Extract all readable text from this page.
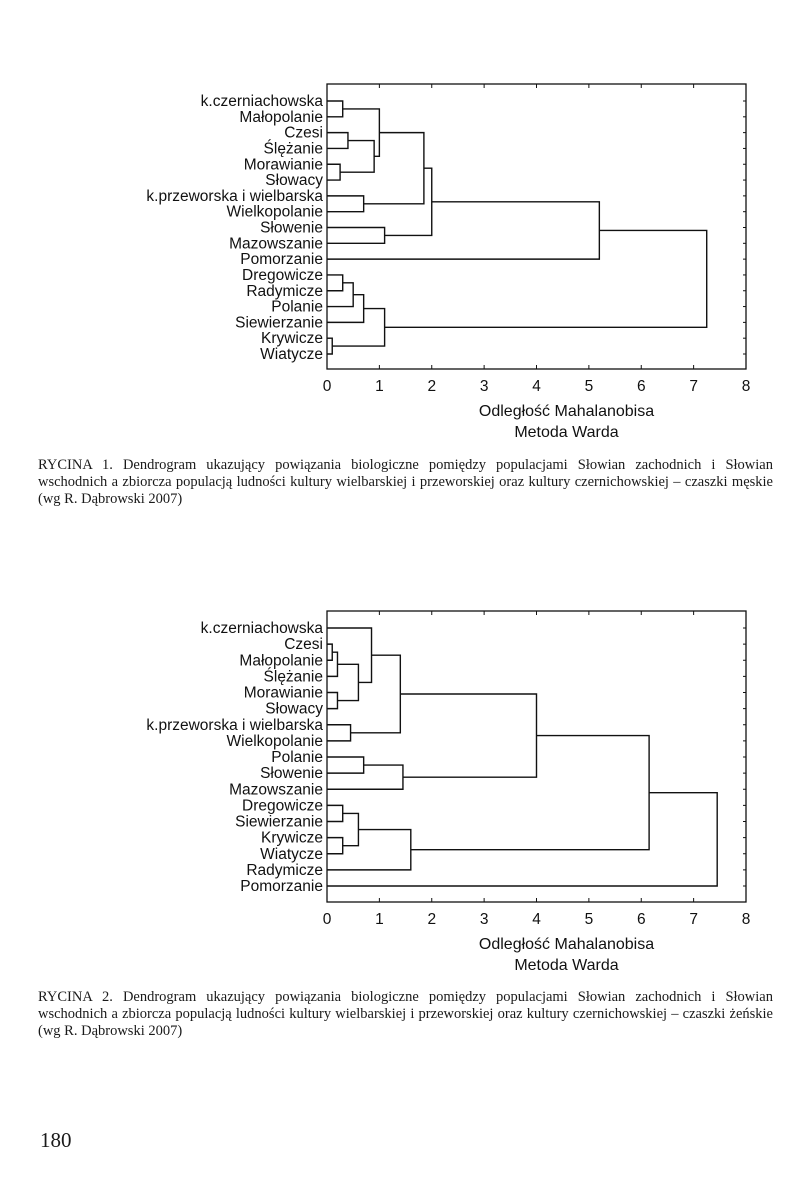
k.czerniachowska
Małopolanie
Czesi
Ślężanie
Morawianie
Słowacy
k.przeworska i wielbarska
Wielkopolanie
Słowenie
Mazowszanie
Pomorzanie
Dregowicze
Radymicze
Polanie
Siewierzanie
Krywicze
Wiatycze
0	1	2	3	4	5	6	7	8
Odległość Mahalanobisa
Metoda Warda

RYCINA 1. Dendrogram ukazujący powiązania biologiczne pomiędzy populacjami Słowian zachodnich i Słowian wschodnich a zbiorcza populacją ludności kultury wielbarskiej i przeworskiej oraz kultury czernichowskiej – czaszki męskie (wg R. Dąbrowski 2007)

k.czerniachowska
Czesi
Małopolanie
Ślężanie
Morawianie
Słowacy
k.przeworska i wielbarska
Wielkopolanie
Polanie
Słowenie
Mazowszanie
Dregowicze
Siewierzanie
Krywicze
Wiatycze
Radymicze
Pomorzanie
0	1	2	3	4	5	6	7	8
Odległość Mahalanobisa
Metoda Warda

RYCINA 2. Dendrogram ukazujący powiązania biologiczne pomiędzy populacjami Słowian zachodnich i Słowian wschodnich a zbiorcza populacją ludności kultury wielbarskiej i przeworskiej oraz kultury czernichowskiej – czaszki żeńskie (wg R. Dąbrowski 2007)

180
